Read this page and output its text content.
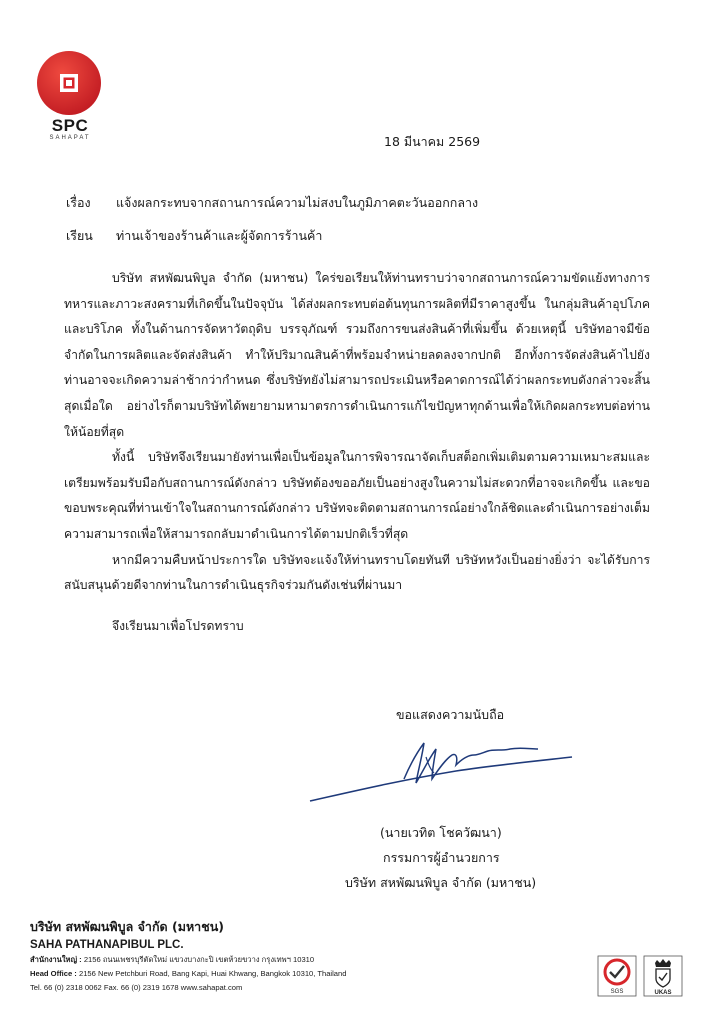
SPC
SAHAPAT	18 มีนาคม 2569
เรื่อง แจ้งผลกระทบจากสถานการณ์ความไม่สงบในภูมิภาคตะวันออกกลาง
เรียน ท่านเจ้าของร้านค้าและผู้จัดการร้านค้า

บริษัท สหพัฒนพิบูล จำกัด (มหาชน) ใคร่ขอเรียนให้ท่านทราบว่าจากสถานการณ์ความขัดแย้งทางการทหารและภาวะสงครามที่เกิดขึ้นในปัจจุบัน ได้ส่งผลกระทบต่อต้นทุนการผลิตที่มีราคาสูงขึ้น ในกลุ่มสินค้าอุปโภคและบริโภค ทั้งในด้านการจัดหาวัตถุดิบ บรรจุภัณฑ์ รวมถึงการขนส่งสินค้าที่เพิ่มขึ้น ด้วยเหตุนี้ บริษัทอาจมีข้อจำกัดในการผลิตและจัดส่งสินค้า ทำให้ปริมาณสินค้าที่พร้อมจำหน่ายลดลงจากปกติ อีกทั้งการจัดส่งสินค้าไปยังท่านอาจจะเกิดความล่าช้ากว่ากำหนด ซึ่งบริษัทยังไม่สามารถประเมินหรือคาดการณ์ได้ว่าผลกระทบดังกล่าวจะสิ้นสุดเมื่อใด อย่างไรก็ตามบริษัทได้พยายามหามาตรการดำเนินการแก้ไขปัญหาทุกด้านเพื่อให้เกิดผลกระทบต่อท่านให้น้อยที่สุด

ทั้งนี้ บริษัทจึงเรียนมายังท่านเพื่อเป็นข้อมูลในการพิจารณาจัดเก็บสต็อกเพิ่มเติมตามความเหมาะสมและเตรียมพร้อมรับมือกับสถานการณ์ดังกล่าว บริษัทต้องขออภัยเป็นอย่างสูงในความไม่สะดวกที่อาจจะเกิดขึ้น และขอขอบพระคุณที่ท่านเข้าใจในสถานการณ์ดังกล่าว บริษัทจะติดตามสถานการณ์อย่างใกล้ชิดและดำเนินการอย่างเต็มความสามารถเพื่อให้สามารถกลับมาดำเนินการได้ตามปกติเร็วที่สุด

หากมีความคืบหน้าประการใด บริษัทจะแจ้งให้ท่านทราบโดยทันที บริษัทหวังเป็นอย่างยิ่งว่า จะได้รับการสนับสนุนด้วยดีจากท่านในการดำเนินธุรกิจร่วมกันดังเช่นที่ผ่านมา

จึงเรียนมาเพื่อโปรดทราบ

ขอแสดงความนับถือ
(นายเวทิต โชควัฒนา)
กรรมการผู้อำนวยการ
บริษัท สหพัฒนพิบูล จำกัด (มหาชน)
บริษัท สหพัฒนพิบูล จำกัด (มหาชน)
SAHA PATHANAPIBUL PLC.
สำนักงานใหญ่ : 2156 ถนนเพชรบุรีตัดใหม่ แขวงบางกะปิ เขตห้วยขวาง กรุงเทพฯ 10310
Head Office : 2156 New Petchburi Road, Bang Kapi, Huai Khwang, Bangkok 10310, Thailand
Tel. 66 (0) 2318 0062 Fax. 66 (0) 2319 1678 www.sahapat.com	SGS	UKAS
